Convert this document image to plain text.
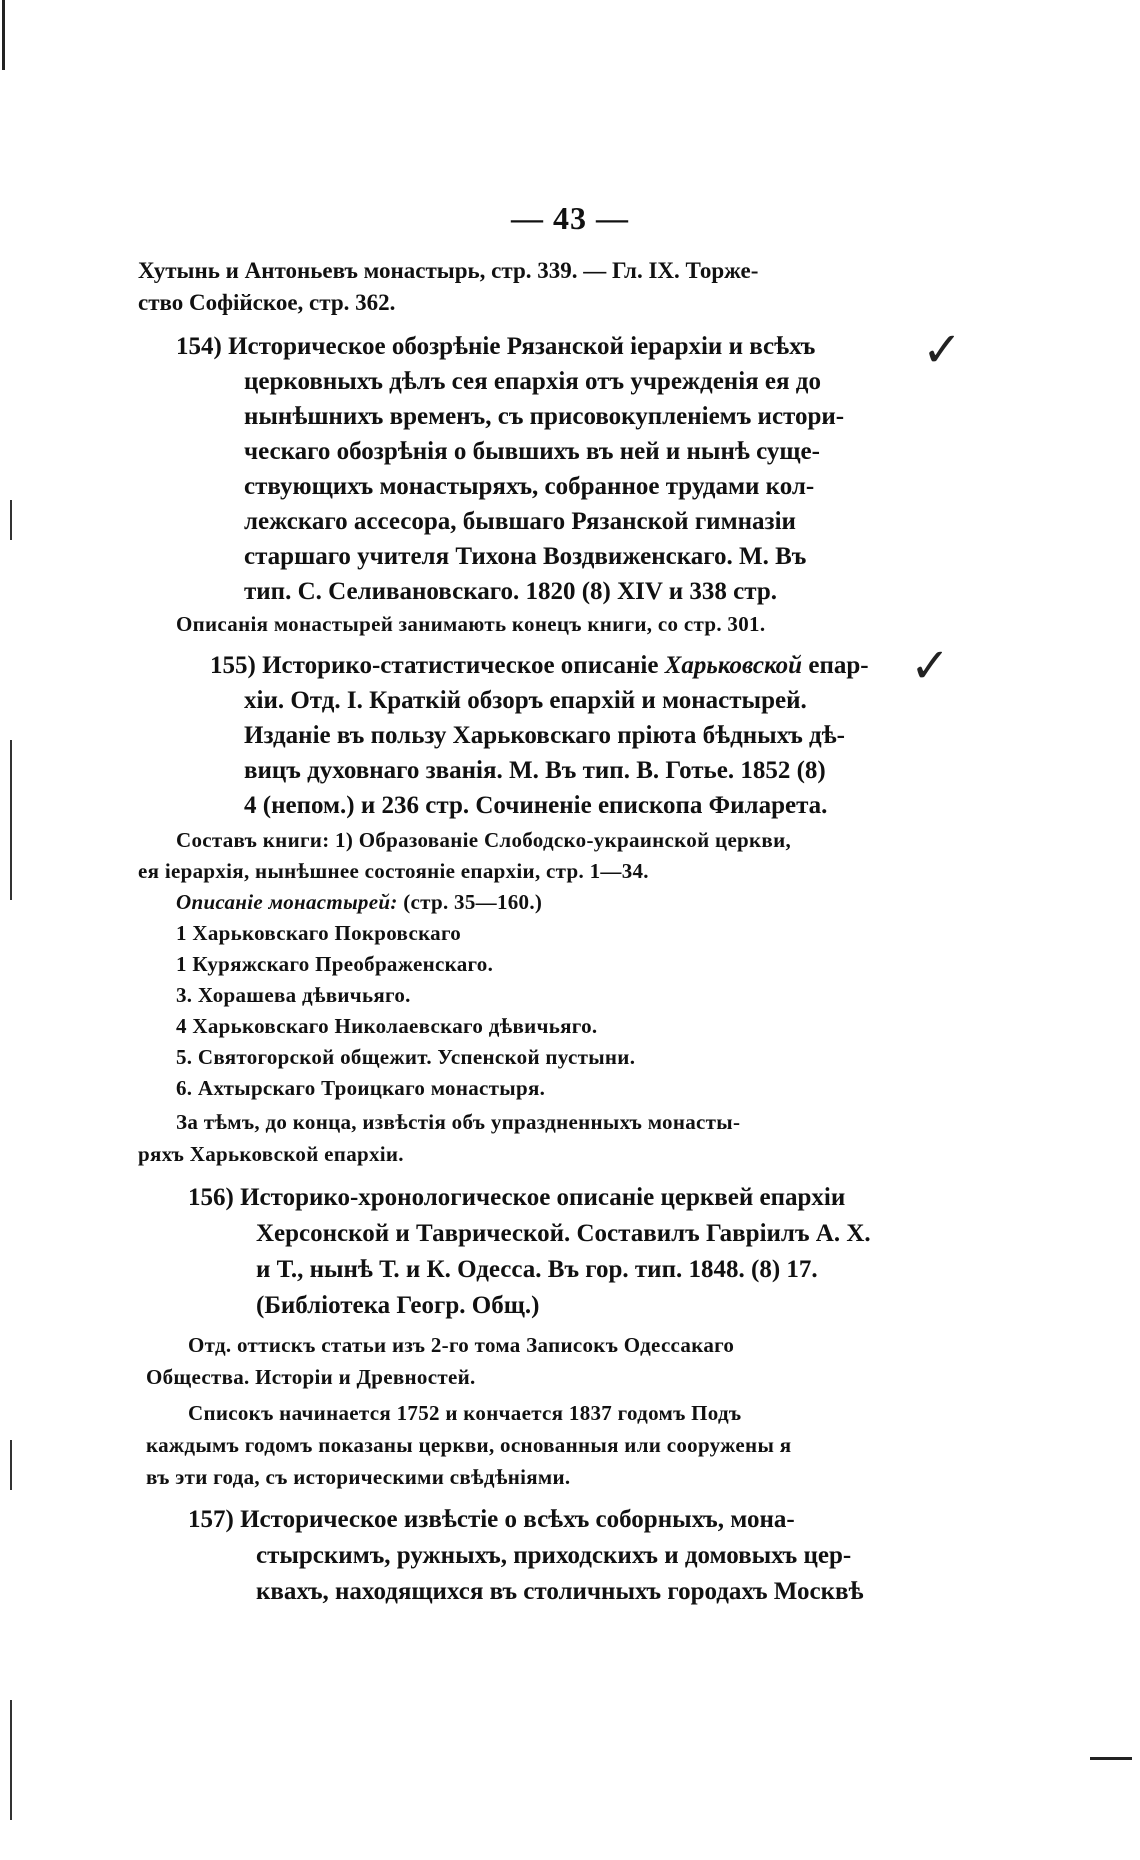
— 43 —

Хутынь и Антоньевъ монастырь, стр. 339. — Гл. IX. Торже-

ство Софійское, стр. 362.

154) Историческое обозрѣніе Рязанской іерархіи и всѣхъ

церковныхъ дѣлъ сея епархія отъ учрежденія ея до

нынѣшнихъ временъ, съ присовокупленіемъ истори-

ческаго обозрѣнія о бывшихъ въ ней и нынѣ суще-

ствующихъ монастыряхъ, собранное трудами кол-

лежскаго ассесора, бывшаго Рязанской гимназіи

старшаго учителя Тихона Воздвиженскаго. М. Въ

тип. С. Селивановскаго. 1820 (8) XIV и 338 стр.

Описанія монастырей занимають конецъ книги, со стр. 301.

✓

155) Историко-статистическое описаніе Харьковской епар-

хіи. Отд. I. Краткій обзоръ епархій и монастырей.

Изданіе въ пользу Харьковскаго пріюта бѣдныхъ дѣ-

вицъ духовнаго званія. М. Въ тип. В. Готье. 1852 (8)

4 (непом.) и 236 стр. Сочиненіе епископа Филарета.

Составъ книги: 1) Образованіе Слободско-украинской церкви,

ея іерархія, нынѣшнее состояніе епархіи, стр. 1—34.

Описаніе монастырей: (стр. 35—160.)

1 Харьковскаго Покровскаго

1 Куряжскаго Преображенскаго.

3. Хорашева дѣвичьяго.

4 Харьковскаго Николаевскаго дѣвичьяго.

5. Святогорской общежит. Успенской пустыни.

6. Ахтырскаго Троицкаго монастыря.

За тѣмъ, до конца, извѣстія объ упраздненныхъ монасты-

ряхъ Харьковской епархіи.

✓

156) Историко-хронологическое описаніе церквей епархіи

Херсонской и Таврической. Составилъ Гавріилъ А. Х.

и Т., нынѣ Т. и К. Одесса. Въ гор. тип. 1848. (8) 17.

(Библіотека Геогр. Общ.)

Отд. оттискъ статьи изъ 2-го тома Записокъ Одессакаго

Общества. Исторіи и Древностей.

Списокъ начинается 1752 и кончается 1837 годомъ Подъ

каждымъ годомъ показаны церкви, основанныя или сооружены я

въ эти года, съ историческими свѣдѣніями.

157) Историческое извѣстіе о всѣхъ соборныхъ, мона-

стырскимъ, ружныхъ, приходскихъ и домовыхъ цер-

квахъ, находящихся въ столичныхъ городахъ Москвѣ
